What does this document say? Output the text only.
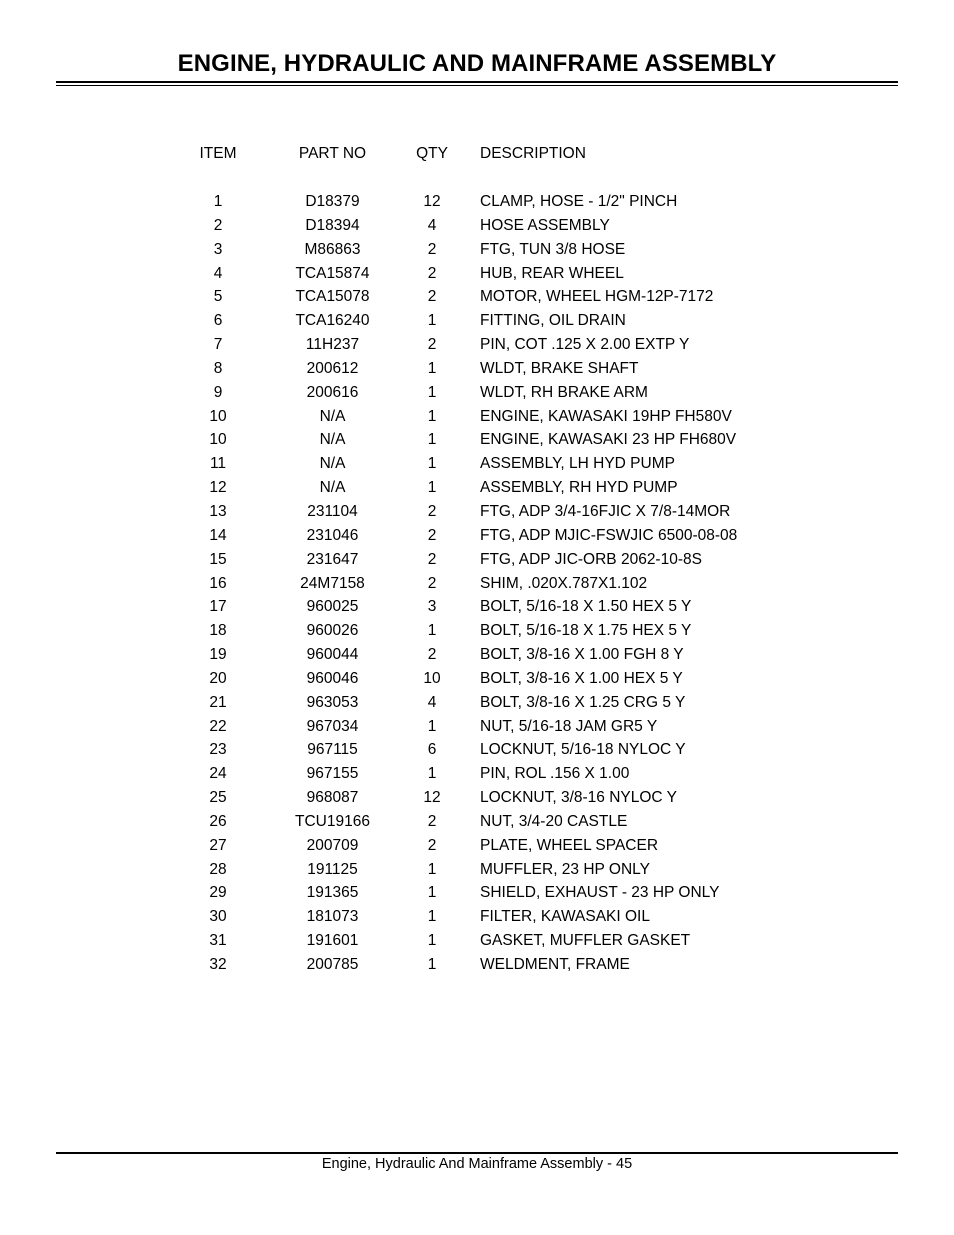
ENGINE, HYDRAULIC AND MAINFRAME ASSEMBLY
ITEM	PART NO	QTY	DESCRIPTION

1	D18379	12	CLAMP, HOSE - 1/2" PINCH
2	D18394	4	HOSE ASSEMBLY
3	M86863	2	FTG, TUN 3/8 HOSE
4	TCA15874	2	HUB, REAR WHEEL
5	TCA15078	2	MOTOR, WHEEL HGM-12P-7172
6	TCA16240	1	FITTING, OIL DRAIN
7	11H237	2	PIN, COT .125 X 2.00 EXTP Y
8	200612	1	WLDT, BRAKE SHAFT
9	200616	1	WLDT, RH BRAKE ARM
10	N/A	1	ENGINE, KAWASAKI 19HP FH580V
10	N/A	1	ENGINE, KAWASAKI 23 HP FH680V
11	N/A	1	ASSEMBLY, LH HYD PUMP
12	N/A	1	ASSEMBLY, RH HYD PUMP
13	231104	2	FTG, ADP 3/4-16FJIC X 7/8-14MOR
14	231046	2	FTG, ADP MJIC-FSWJIC 6500-08-08
15	231647	2	FTG, ADP JIC-ORB 2062-10-8S
16	24M7158	2	SHIM, .020X.787X1.102
17	960025	3	BOLT, 5/16-18 X 1.50 HEX 5 Y
18	960026	1	BOLT, 5/16-18 X 1.75 HEX 5 Y
19	960044	2	BOLT, 3/8-16 X 1.00 FGH 8 Y
20	960046	10	BOLT, 3/8-16 X 1.00 HEX 5 Y
21	963053	4	BOLT, 3/8-16 X 1.25 CRG 5 Y
22	967034	1	NUT, 5/16-18 JAM GR5 Y
23	967115	6	LOCKNUT, 5/16-18 NYLOC Y
24	967155	1	PIN, ROL .156 X 1.00
25	968087	12	LOCKNUT, 3/8-16 NYLOC Y
26	TCU19166	2	NUT, 3/4-20 CASTLE
27	200709	2	PLATE, WHEEL SPACER
28	191125	1	MUFFLER, 23 HP ONLY
29	191365	1	SHIELD, EXHAUST - 23 HP ONLY
30	181073	1	FILTER, KAWASAKI OIL
31	191601	1	GASKET, MUFFLER GASKET
32	200785	1	WELDMENT, FRAME
Engine, Hydraulic And Mainframe Assembly - 45
